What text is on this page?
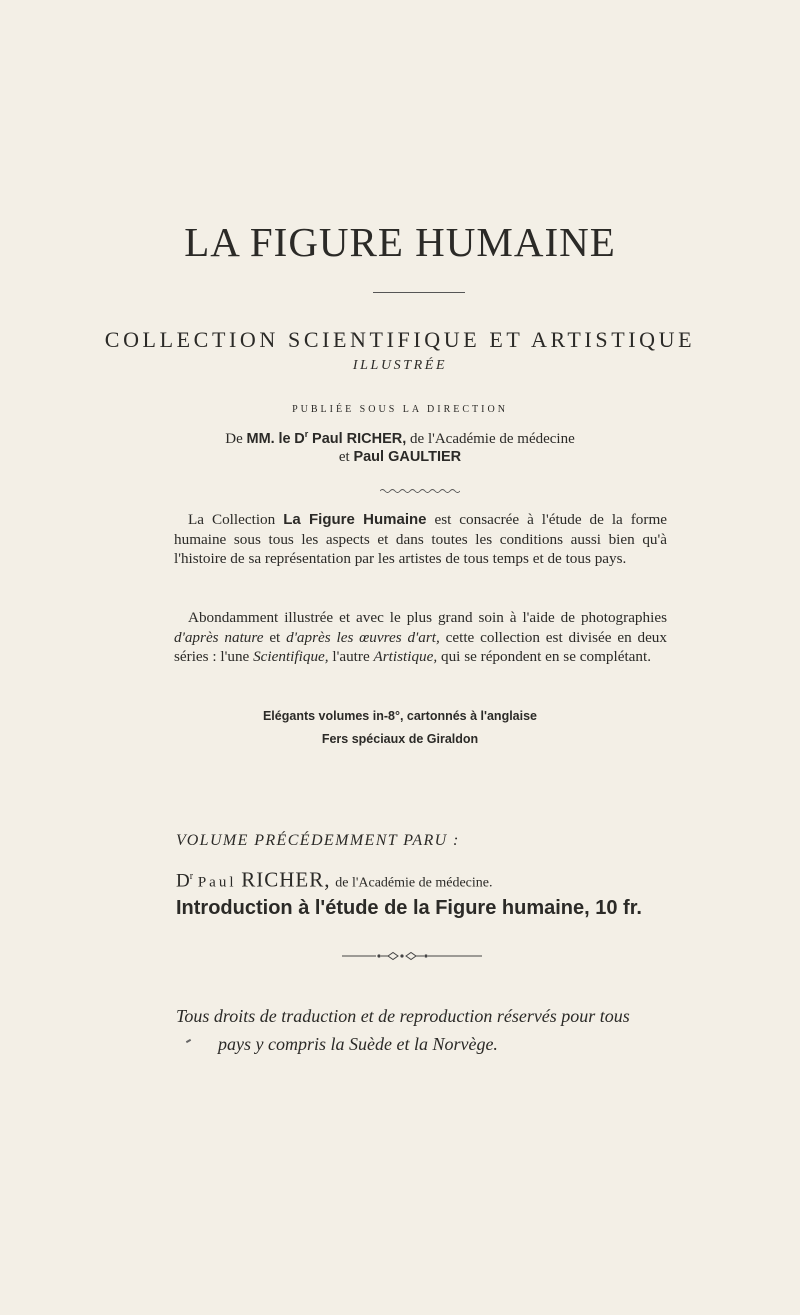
LA FIGURE HUMAINE
COLLECTION SCIENTIFIQUE ET ARTISTIQUE
ILLUSTRÉE
PUBLIÉE SOUS LA DIRECTION
De MM. le $D^r$ Paul RICHER, de l'Académie de médecine
et Paul GAULTIER
La Collection La Figure Humaine est consacrée à l'étude de la forme humaine sous tous les aspects et dans toutes les conditions aussi bien qu'à l'histoire de sa représentation par les artistes de tous temps et de tous pays.
Abondamment illustrée et avec le plus grand soin à l'aide de photographies d'après nature et d'après les œuvres d'art, cette collection est divisée en deux séries : l'une Scientifique, l'autre Artistique, qui se répondent en se complétant.
Elégants volumes in-8°, cartonnés à l'anglaise
Fers spéciaux de Giraldon
VOLUME PRÉCÉDEMMENT PARU :
$D^r$ Paul RICHER, de l'Académie de médecine.
Introduction à l'étude de la Figure humaine, 10 fr.
Tous droits de traduction et de reproduction réservés pour tous
pays y compris la Suède et la Norvège.
